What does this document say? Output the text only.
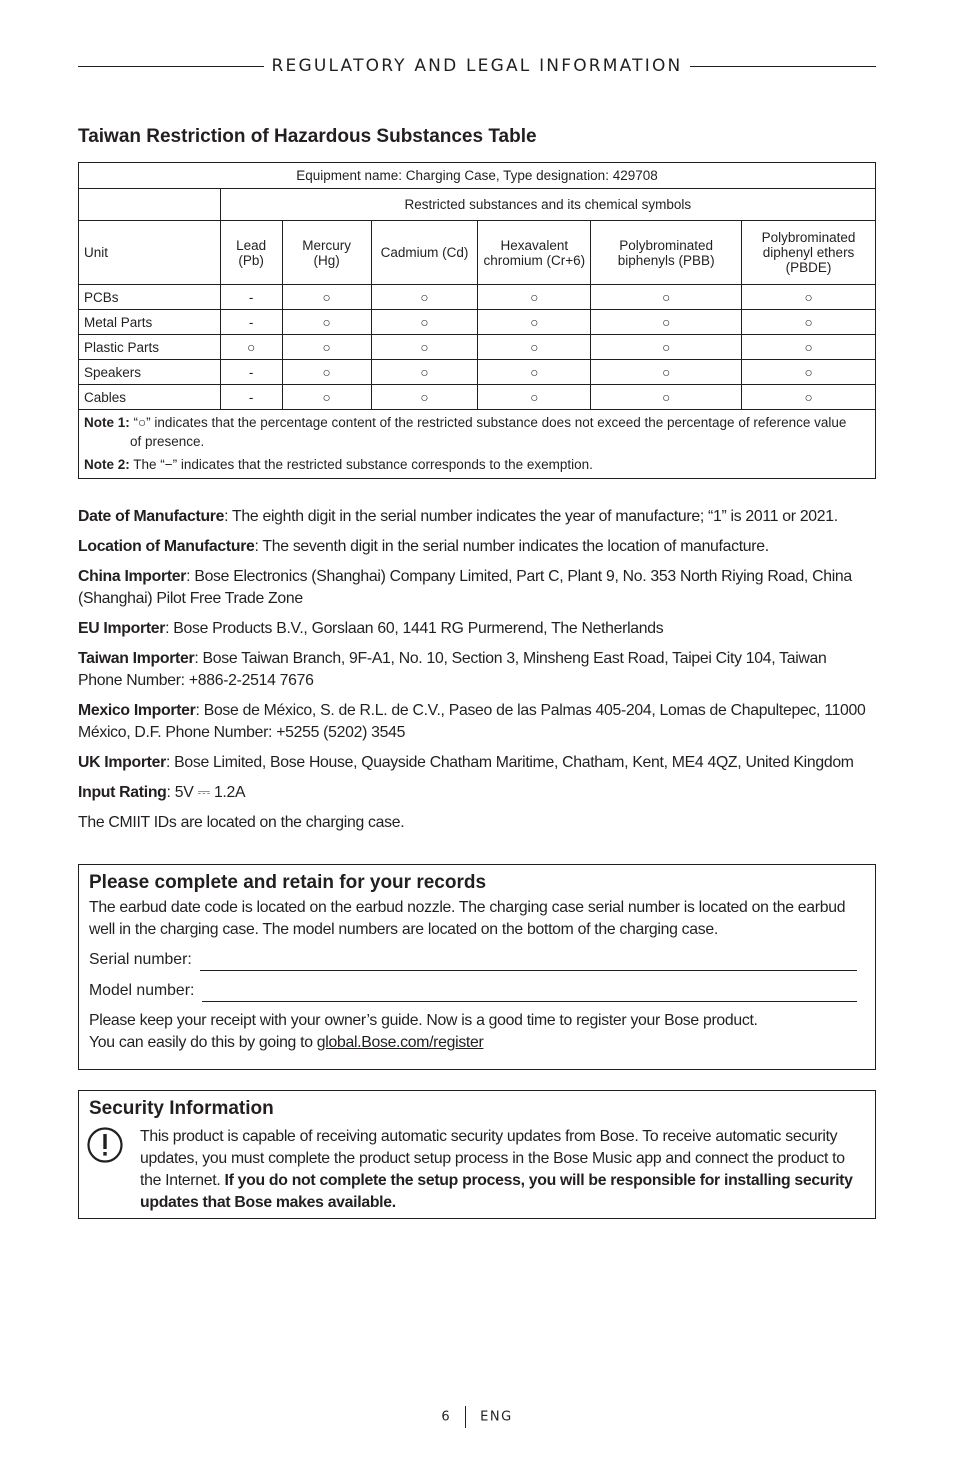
REGULATORY AND LEGAL INFORMATION
Taiwan Restriction of Hazardous Substances Table
Equipment name: Charging Case, Type designation: 429708						
	Restricted substances and its chemical symbols					
Unit	Lead (Pb)	Mercury (Hg)	Cadmium (Cd)	Hexavalent chromium (Cr+6)	Polybrominated biphenyls (PBB)	Polybrominated diphenyl ethers (PBDE)
PCBs	-	○	○	○	○	○
Metal Parts	-	○	○	○	○	○
Plastic Parts	○	○	○	○	○	○
Speakers	-	○	○	○	○	○
Cables	-	○	○	○	○	○
Note 1: “○” indicates that the percentage content of the restricted substance does not exceed the percentage of reference value
of presence.						

Note 2: The “−” indicates that the restricted substance corresponds to the exemption.						

Date of Manufacture: The eighth digit in the serial number indicates the year of manufacture; “1” is 2011 or 2021.

Location of Manufacture: The seventh digit in the serial number indicates the location of manufacture.

China Importer: Bose Electronics (Shanghai) Company Limited, Part C, Plant 9, No. 353 North Riying Road, China
(Shanghai) Pilot Free Trade Zone

EU Importer: Bose Products B.V., Gorslaan 60, 1441 RG Purmerend, The Netherlands

Taiwan Importer: Bose Taiwan Branch, 9F-A1, No. 10, Section 3, Minsheng East Road, Taipei City 104, Taiwan
Phone Number: +886-2-2514 7676

Mexico Importer: Bose de México, S. de R.L. de C.V., Paseo de las Palmas 405-204, Lomas de Chapultepec, 11000
México, D.F. Phone Number: +5255 (5202) 3545

UK Importer: Bose Limited, Bose House, Quayside Chatham Maritime, Chatham, Kent, ME4 4QZ, United Kingdom

Input Rating: 5V ⎓ 1.2A

The CMIIT IDs are located on the charging case.

Please complete and retain for your records

The earbud date code is located on the earbud nozzle. The charging case serial number is located on the earbud well in the charging case. The model numbers are located on the bottom of the charging case.

Serial number:
Model number:

Please keep your receipt with your owner’s guide. Now is a good time to register your Bose product.

You can easily do this by going to global.Bose.com/register

Security Information

This product is capable of receiving automatic security updates from Bose. To receive automatic security updates, you must complete the product setup process in the Bose Music app and connect the product to the Internet. If you do not complete the setup process, you will be responsible for installing security updates that Bose makes available.

6 ENG
